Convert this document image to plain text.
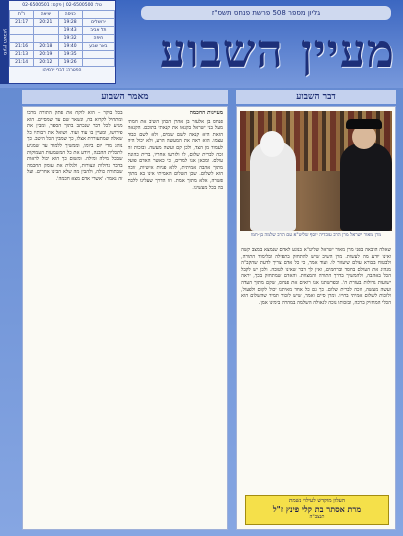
מעיין השבוע
טל: 02-6500500 | פקס: 02-6500501
ר"ת	יציאה	כניסה	
21:17	20:21	19:28	ירושלים
		19:43	תל אביב
		19:32	חיפה
21:16	20:18	19:40	באר שבע
21:13	20:19	19:35	
21:14	20:12	19:26	
הפטרה: דברי ירמיהו
גליון מספר 508 פרשת פנחס תשס"ז
מעיין השבוע
מאמר השבוע	דבר השבוע
מעיינות החכמה
פנחס בן אלעזר בן אהרן הכהן השיב את חמתי מעל בני ישראל בקנאו את קנאתי בתוכם. הקנאה הזאת היא קנאה לשם שמים, ולא לשם כבוד עצמו. הוא ראה את המעשה הרע, ולא יכול היה לעמוד מן הצד, ולכן קם ועשה מעשה. ובזכות זה זכה לברית שלום, לו ולזרעו אחריו, ברית כהונת עולם. ומכאן אנו למדים, כי כאשר האדם פועל מתוך אהבה אמיתית, ללא פניות אישיות, זוכה הוא לשלום. שכן השלום האמיתי אינו בא מתוך פשרה, אלא מתוך אמת. וזו הדרך שעלינו ללכת בה בכל מעשינו.
בכל בוקר – הוא לוקח את פתק התורה מרבו ומתחיל לקרוא בה, ונשאר שם עד שמסיים. הוא מגיע לכל דבר שנכתב בתוך הספר, ומבין את פירושו, ומעיין בו עוד ועוד. ושואל את רבותיו כל שאלה שמתעוררת אצלו, כך שמבין הכל היטב. כך נוהג מדי יום ביומו, וממשיך ללמוד עד שמגיע לתכלית ההבנה, ויודע את כל המשמעות העמוקות שבכל מילה ומילה. ומשום כך הוא יכול לראות בדבר גדולות ונצורות, ולגלות את עומק החכמה שבתורה כולה, ולהבין מה שלא הבינו אחרים. ועל זה נאמר: 'אשרי אדם מצא חכמה'.
מרן מאור ישראל מרן הרב עובדיה יוסף שליט"א עם הרב שלמה בן-חמו
שאלה הובאה בפני מרן מאור ישראל שליט"א בנוגע לאדם שנמצא במצב קשה ואינו יודע מה לעשות. מרן השיב שיש להתחזק בתפילה ובלימוד התורה, ולבטוח בבורא עולם שיעזור לו. ועוד אמר, כי כל אדם צריך לדעת שהקב"ה מנהיג את העולם בחסד וברחמים, ואין לך דבר שאינו לטובה. ולכן יש לקבל הכל באהבה, ולהמשיך בדרך התורה והמצוות. והאדם שמתחזק בכך, יראה ישועות גדולות בעזרת ה'. ובפרשתנו אנו רואים את פנחס, שקם מתוך העדה ועשה מעשה, וזכה לברית שלום. כך גם כל אחד מאיתנו יכול לקום ולפעול, ולזכות לשלום אמיתי בחייו. ומרן סיים ואמר, שיש לזכור תמיד שהשלום הוא הכלי המחזיק ברכה, ובזכותו נזכה לגאולה השלמה במהרה בימינו אמן.
העלון מוקדש לעילוי נשמת
מרת אסתר בת קלי פינץ ז"ל
תנצב"ה
